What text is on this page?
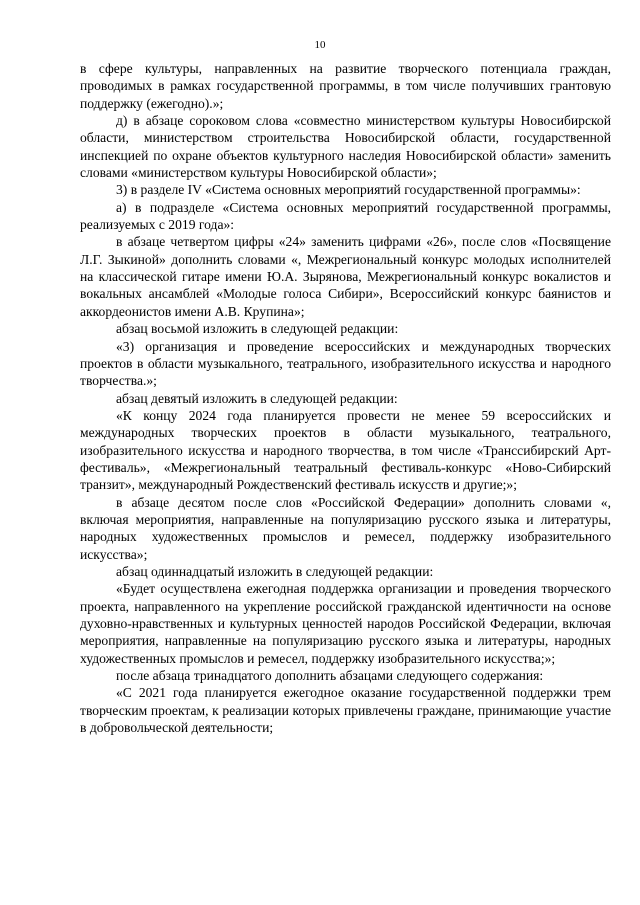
10

в сфере культуры, направленных на развитие творческого потенциала граждан, проводимых в рамках государственной программы, в том числе получивших грантовую поддержку (ежегодно).»;

д) в абзаце сороковом слова «совместно министерством культуры Новосибирской области, министерством строительства Новосибирской области, государственной инспекцией по охране объектов культурного наследия Новосибирской области» заменить словами «министерством культуры Новосибирской области»;

3) в разделе IV «Система основных мероприятий государственной программы»:

а) в подразделе «Система основных мероприятий государственной программы, реализуемых с 2019 года»:

в абзаце четвертом цифры «24» заменить цифрами «26», после слов «Посвящение Л.Г. Зыкиной» дополнить словами «, Межрегиональный конкурс молодых исполнителей на классической гитаре имени Ю.А. Зырянова, Межрегиональный конкурс вокалистов и вокальных ансамблей «Молодые голоса Сибири», Всероссийский конкурс баянистов и аккордеонистов имени А.В. Крупина»;

абзац восьмой изложить в следующей редакции:

«3) организация и проведение всероссийских и международных творческих проектов в области музыкального, театрального, изобразительного искусства и народного творчества.»;

абзац девятый изложить в следующей редакции:

«К концу 2024 года планируется провести не менее 59 всероссийских и международных творческих проектов в области музыкального, театрального, изобразительного искусства и народного творчества, в том числе «Транссибирский Арт-фестиваль», «Межрегиональный театральный фестиваль-конкурс «Ново-Сибирский транзит», международный Рождественский фестиваль искусств и другие;»;

в абзаце десятом после слов «Российской Федерации» дополнить словами «, включая мероприятия, направленные на популяризацию русского языка и литературы, народных художественных промыслов и ремесел, поддержку изобразительного искусства»;

абзац одиннадцатый изложить в следующей редакции:

«Будет осуществлена ежегодная поддержка организации и проведения творческого проекта, направленного на укрепление российской гражданской идентичности на основе духовно-нравственных и культурных ценностей народов Российской Федерации, включая мероприятия, направленные на популяризацию русского языка и литературы, народных художественных промыслов и ремесел, поддержку изобразительного искусства;»;

после абзаца тринадцатого дополнить абзацами следующего содержания:

«С 2021 года планируется ежегодное оказание государственной поддержки трем творческим проектам, к реализации которых привлечены граждане, принимающие участие в добровольческой деятельности;
